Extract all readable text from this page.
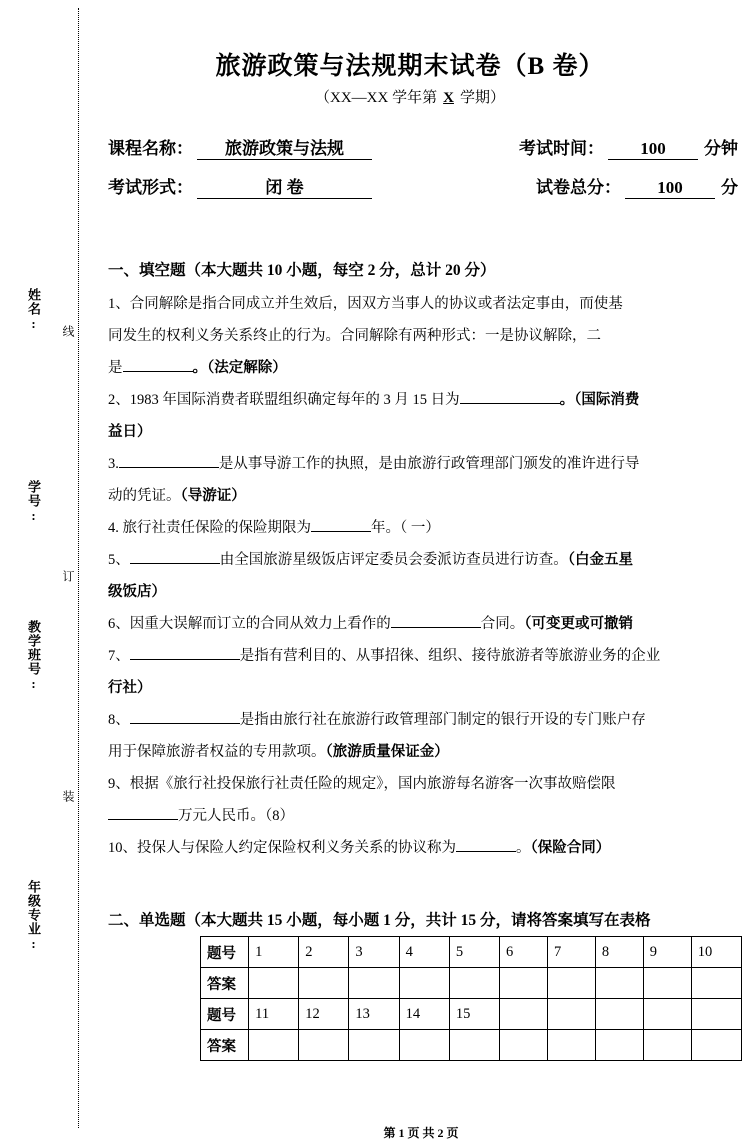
姓名:
学号:
教学班号:
年级专业:
线
订
装
旅游政策与法规期末试卷（B 卷）
（XX—XX 学年第 X 学期）
课程名称：	旅游政策与法规	考试时间：	100	分钟
考试形式：	闭 卷	试卷总分：	100	分
一、填空题（本大题共 10 小题，每空 2 分，总计 20 分）
1、合同解除是指合同成立并生效后，因双方当事人的协议或者法定事由，而使基
同发生的权利义务关系终止的行为。合同解除有两种形式：一是协议解除，二
是	。（法定解除）
2、1983 年国际消费者联盟组织确定每年的 3 月 15 日为	。（国际消费
益日）
3.	是从事导游工作的执照，是由旅游行政管理部门颁发的准许进行导
动的凭证。（导游证）
4. 旅行社责任保险的保险期限为	年。（ 一）
5、	由全国旅游星级饭店评定委员会委派访查员进行访查。（白金五星
级饭店）
6、因重大误解而订立的合同从效力上看作的	合同。（可变更或可撤销
7、	是指有营利目的、从事招徕、组织、接待旅游者等旅游业务的企业
行社）
8、	是指由旅行社在旅游行政管理部门制定的银行开设的专门账户存
用于保障旅游者权益的专用款项。（旅游质量保证金）
9、根据《旅行社投保旅行社责任险的规定》，国内旅游每名游客一次事故赔偿限
万元人民币。（8）
10、投保人与保险人约定保险权利义务关系的协议称为	。（保险合同）
二、单选题（本大题共 15 小题，每小题 1 分，共计 15 分，请将答案填写在表格
题号	1	2	3	4	5	6	7	8	9	10
答案										
题号	11	12	13	14	15					
答案										
第 1 页 共 2 页
